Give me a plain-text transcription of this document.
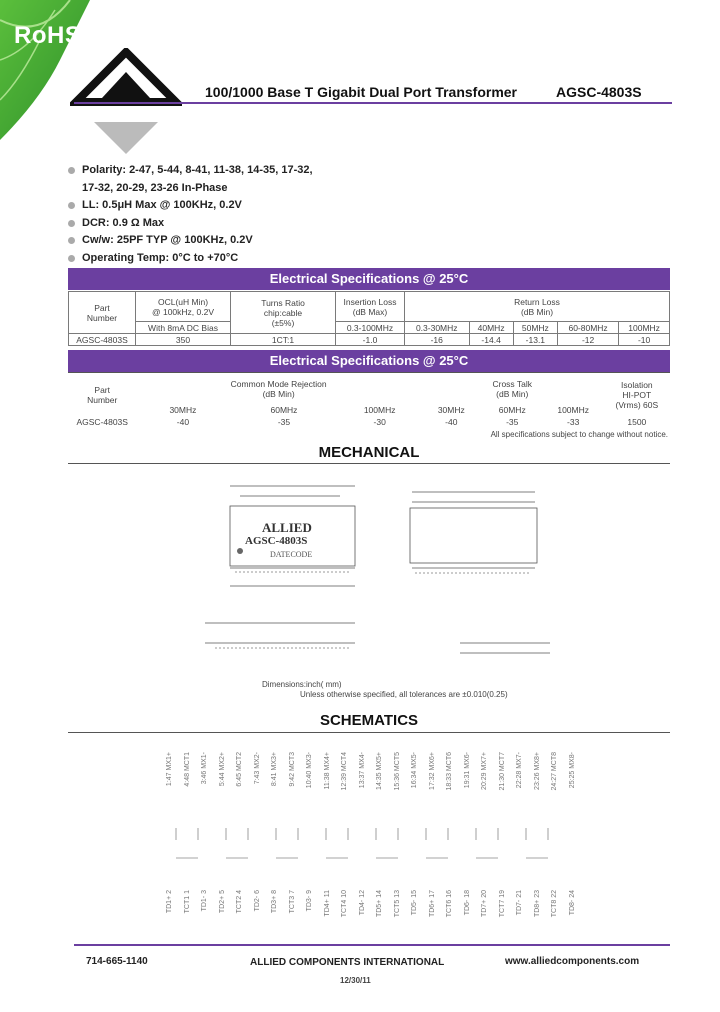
RoHS
100/1000 Base T Gigabit Dual Port Transformer	AGSC-4803S
Polarity: 2-47, 5-44, 8-41, 11-38, 14-35, 17-32,
17-32, 20-29, 23-26 In-Phase
LL: 0.5μH Max @ 100KHz, 0.2V
DCR: 0.9 Ω Max
Cw/w: 25PF TYP @ 100KHz, 0.2V
Operating Temp: 0°C to +70°C
Electrical Specifications @ 25°C
Part
Number	OCL(uH Min)
@ 100kHz, 0.2V	Turns Ratio
chip:cable
(±5%)	Insertion Loss
(dB Max)	Return Loss
(dB Min)				
	With 8mA DC Bias		0.3-100MHz	0.3-30MHz	40MHz	50MHz	60-80MHz	100MHz
AGSC-4803S	350	1CT:1	-1.0	-16	-14.4	-13.1	-12	-10
Electrical Specifications @ 25°C
Part
Number	Common Mode Rejection
(dB Min)			Cross Talk
(dB Min)			Isolation
HI-POT
(Vrms) 60S
	30MHz	60MHz	100MHz	30MHz	60MHz	100MHz	
AGSC-4803S	-40	-35	-30	-40	-35	-33	1500
All specifications subject to change without notice.
MECHANICAL
ALLIED
AGSC-4803S
DATECODE
Dimensions:inch( mm)
Unless otherwise specified, all tolerances are ±0.010(0.25)
SCHEMATICS
1:47 MX1+ 4:48 MCT1 3:46 MX1- 5:44 MX2+ 6:45 MCT2 7:43 MX2- 8:41 MX3+ 9:42 MCT3 10:40 MX3- 11:38 MX4+ 12:39 MCT4 13:37 MX4- 14:35 MX5+ 15:36 MCT5 16:34 MX5- 17:32 MX6+ 18:33 MCT6 19:31 MX6- 20:29 MX7+ 21:30 MCT7 22:28 MX7- 23:26 MX8+ 24:27 MCT8 25:25 MX8-
TD1+ 2 TCT1 1 TD1- 3 TD2+ 5 TCT2 4 TD2- 6 TD3+ 8 TCT3 7 TD3- 9 TD4+ 11 TCT4 10 TD4- 12 TD5+ 14 TCT5 13 TD5- 15 TD6+ 17 TCT6 16 TD6- 18 TD7+ 20 TCT7 19 TD7- 21 TD8+ 23 TCT8 22 TD8- 24
714-665-1140	ALLIED COMPONENTS INTERNATIONAL	www.alliedcomponents.com
12/30/11
